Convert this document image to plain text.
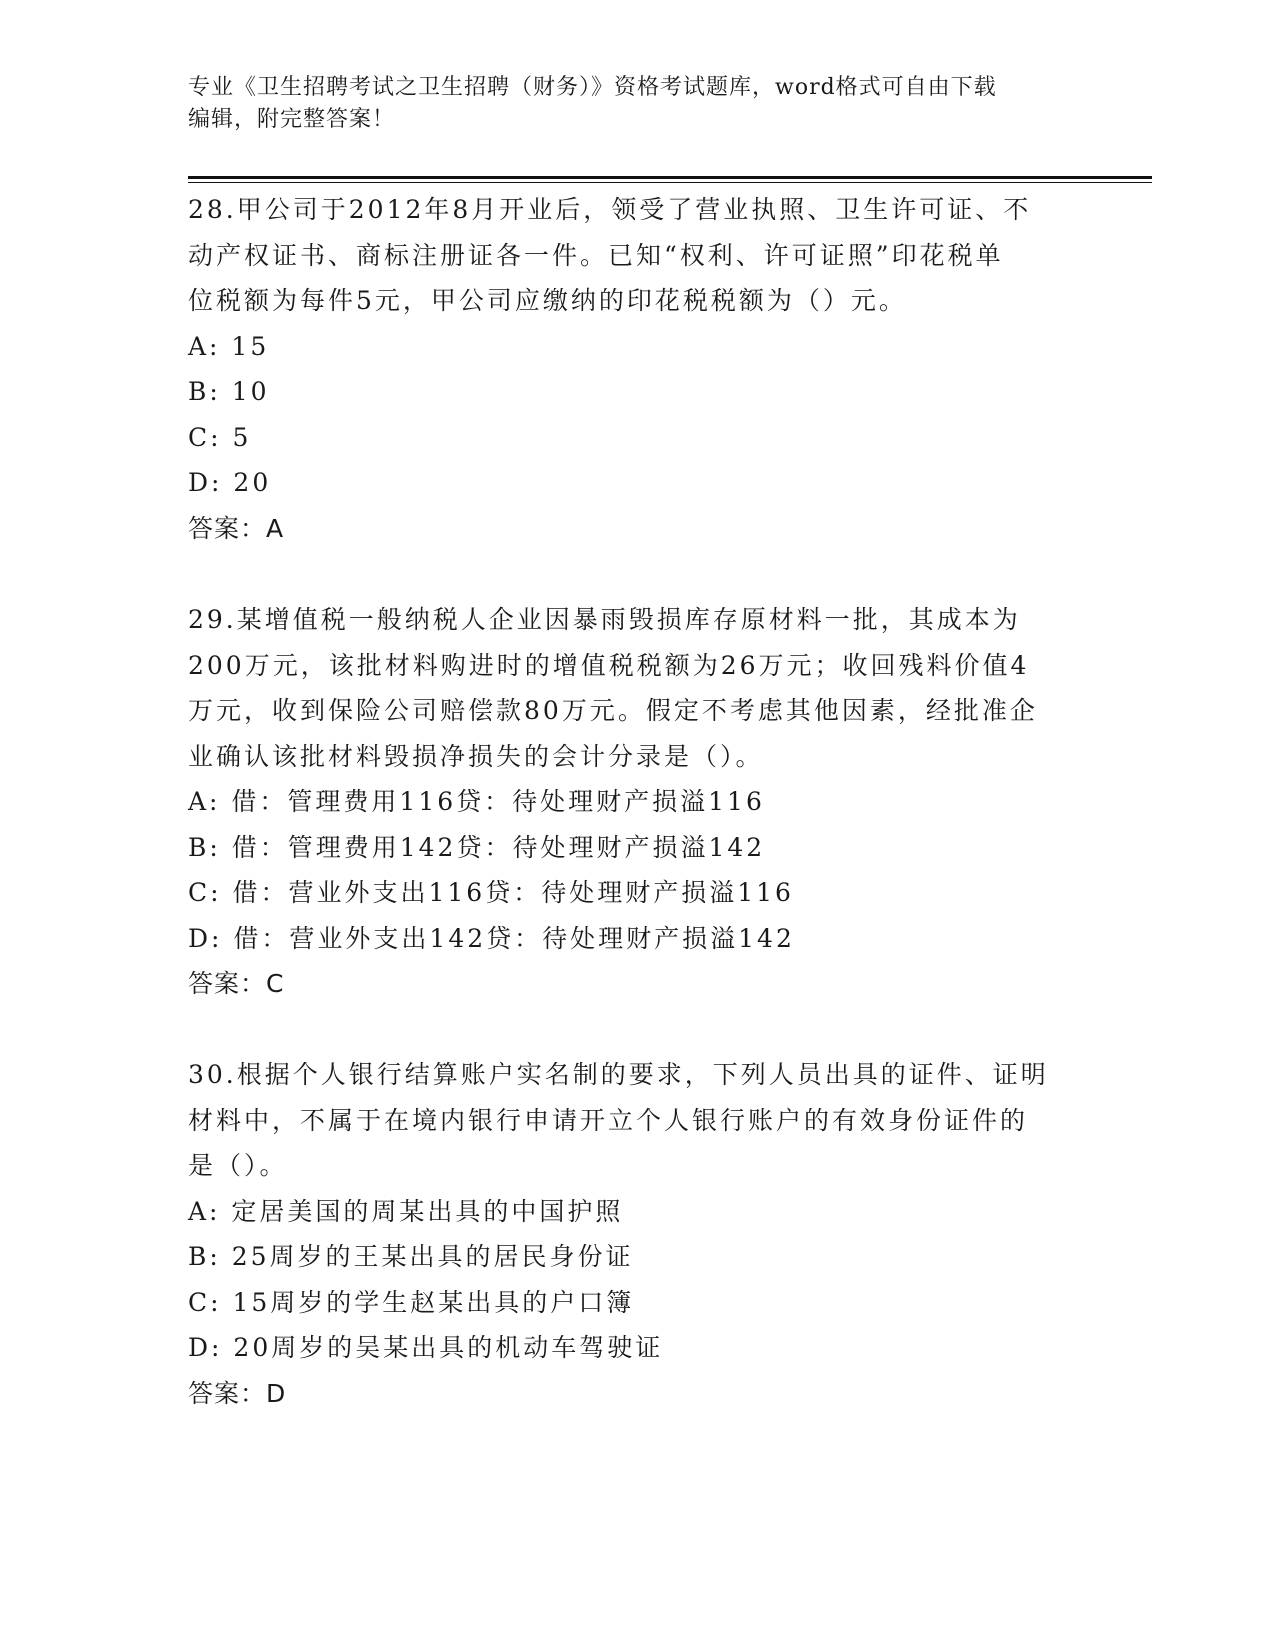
专业《卫生招聘考试之卫生招聘（财务）》资格考试题库，word格式可自由下载
编辑，附完整答案！

28.甲公司于2012年8月开业后，领受了营业执照、卫生许可证、不

动产权证书、商标注册证各一件。已知“权利、许可证照”印花税单

位税额为每件5元，甲公司应缴纳的印花税税额为（）元。

A: 15

B: 10

C: 5

D: 20

答案：A

29.某增值税一般纳税人企业因暴雨毁损库存原材料一批，其成本为

200万元，该批材料购进时的增值税税额为26万元；收回残料价值4

万元，收到保险公司赔偿款80万元。假定不考虑其他因素，经批准企

业确认该批材料毁损净损失的会计分录是（）。

A: 借：管理费用116贷：待处理财产损溢116

B: 借：管理费用142贷：待处理财产损溢142

C: 借：营业外支出116贷：待处理财产损溢116

D: 借：营业外支出142贷：待处理财产损溢142

答案：C

30.根据个人银行结算账户实名制的要求，下列人员出具的证件、证明

材料中，不属于在境内银行申请开立个人银行账户的有效身份证件的

是（）。

A: 定居美国的周某出具的中国护照

B: 25周岁的王某出具的居民身份证

C: 15周岁的学生赵某出具的户口簿

D: 20周岁的吴某出具的机动车驾驶证

答案：D
